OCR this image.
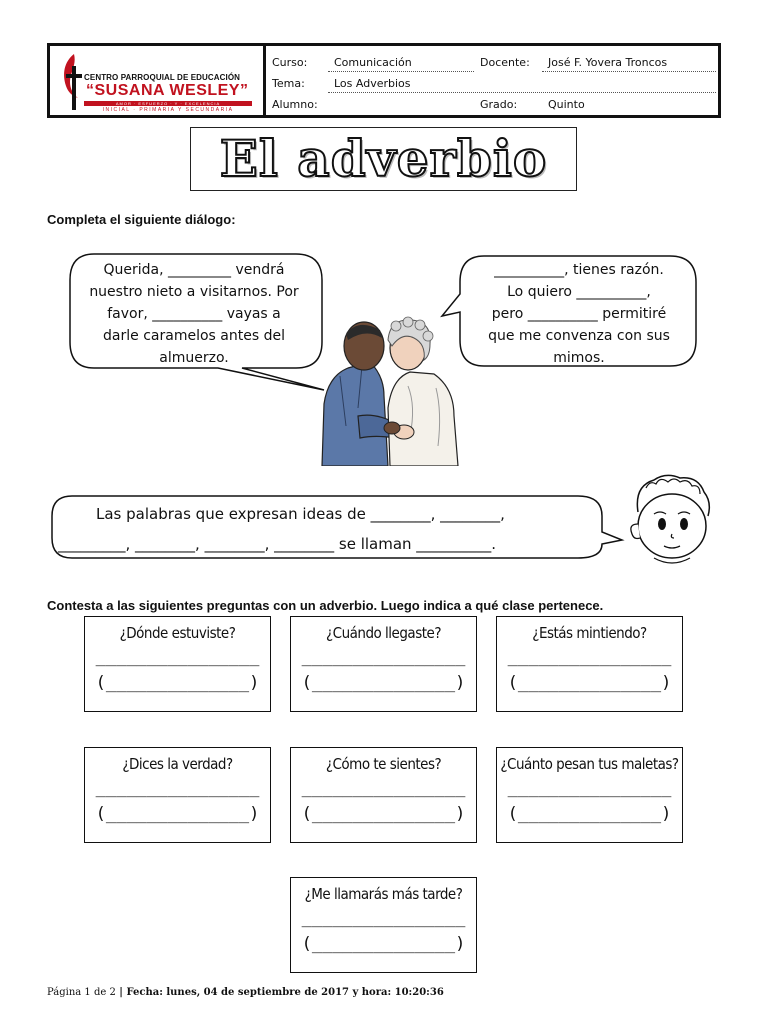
CENTRO PARROQUIAL DE EDUCACIÓN
“SUSANA WESLEY”
AMOR · ESFUERZO · Y · EXCELENCIA
INICIAL · PRIMARIA Y SECUNDARIA
Curso: Comunicación	Docente: José F. Yovera Troncos
Tema:	Los Adverbios
Alumno:	Grado:	Quinto
El adverbio
Completa el siguiente diálogo:
Querida, _________ vendrá
nuestro nieto a visitarnos. Por
favor, __________ vayas a
darle caramelos antes del
almuerzo.
__________, tienes razón.
Lo quiero __________,
pero __________ permitiré
que me convenza con sus
mimos.
Las palabras que expresan ideas de ________, ________,
_________, ________, ________, ________ se llaman __________.
Contesta a las siguientes preguntas con un adverbio. Luego indica a qué clase pertenece.
¿Dónde estuviste?
________________
(______________)
¿Cuándo llegaste?
________________
(______________)
¿Estás mintiendo?
________________
(______________)
¿Dices la verdad?
________________
(______________)
¿Cómo te sientes?
________________
(______________)
¿Cuánto pesan tus maletas?
________________
(______________)
¿Me llamarás más tarde?
________________
(______________)
Página 1 de 2 | Fecha: lunes, 04 de septiembre de 2017 y hora: 10:20:36
